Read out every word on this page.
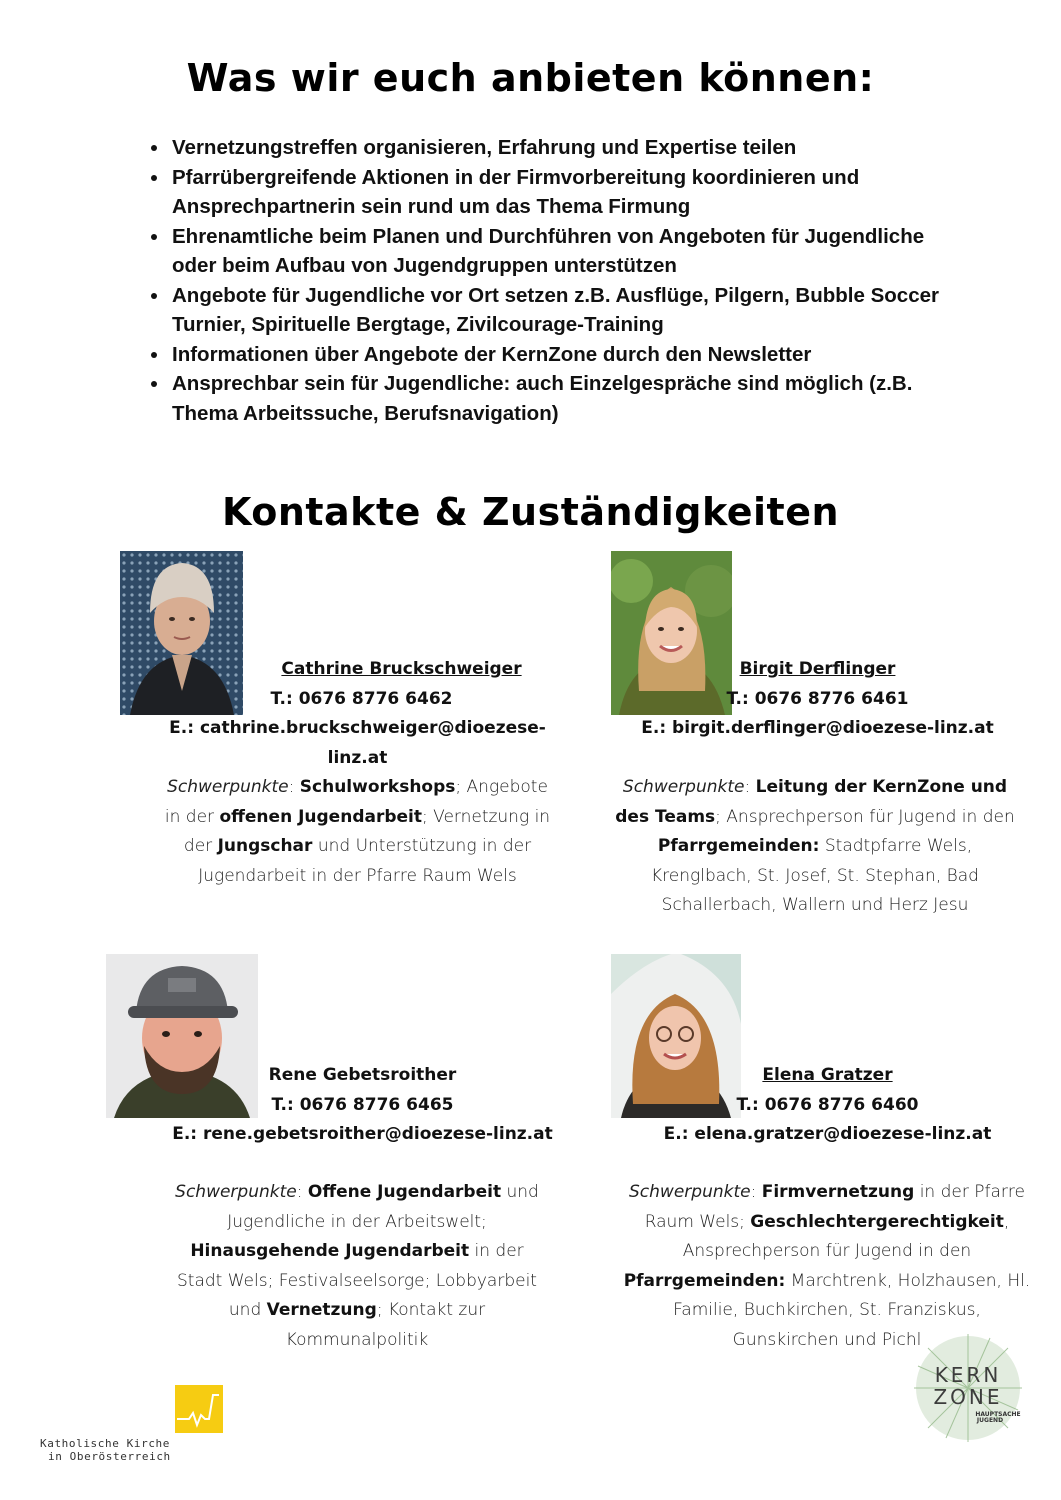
Was wir euch anbieten können:
• Vernetzungstreffen organisieren, Erfahrung und Expertise teilen
• Pfarrübergreifende Aktionen in der Firmvorbereitung koordinieren und Ansprechpartnerin sein rund um das Thema Firmung
• Ehrenamtliche beim Planen und Durchführen von Angeboten für Jugendliche oder beim Aufbau von Jugendgruppen unterstützen
• Angebote für Jugendliche vor Ort setzen z.B. Ausflüge, Pilgern, Bubble Soccer Turnier, Spirituelle Bergtage, Zivilcourage-Training
• Informationen über Angebote der KernZone durch den Newsletter
• Ansprechbar sein für Jugendliche: auch Einzelgespräche sind möglich (z.B. Thema Arbeitssuche, Berufsnavigation)
Kontakte & Zuständigkeiten
Cathrine Bruckschweiger
T.: 0676 8776 6462
E.: cathrine.bruckschweiger@dioezese-linz.at
Schwerpunkte: Schulworkshops; Angebote in der offenen Jugendarbeit; Vernetzung in der Jungschar und Unterstützung in der Jugendarbeit in der Pfarre Raum Wels
Birgit Derflinger
T.: 0676 8776 6461
E.: birgit.derflinger@dioezese-linz.at
Schwerpunkte: Leitung der KernZone und des Teams; Ansprechperson für Jugend in den Pfarrgemeinden: Stadtpfarre Wels, Krenglbach, St. Josef, St. Stephan, Bad Schallerbach, Wallern und Herz Jesu
Rene Gebetsroither
T.: 0676 8776 6465
E.: rene.gebetsroither@dioezese-linz.at
Schwerpunkte: Offene Jugendarbeit und Jugendliche in der Arbeitswelt; Hinausgehende Jugendarbeit in der Stadt Wels; Festivalseelsorge; Lobbyarbeit und Vernetzung; Kontakt zur Kommunalpolitik
Elena Gratzer
T.: 0676 8776 6460
E.: elena.gratzer@dioezese-linz.at
Schwerpunkte: Firmvernetzung in der Pfarre Raum Wels; Geschlechtergerechtigkeit, Ansprechperson für Jugend in den Pfarrgemeinden: Marchtrenk, Holzhausen, Hl. Familie, Buchkirchen, St. Franziskus, Gunskirchen und Pichl
Katholische Kirche
in Oberösterreich
KERN
ZONE
HAUPTSACHE
JUGEND
